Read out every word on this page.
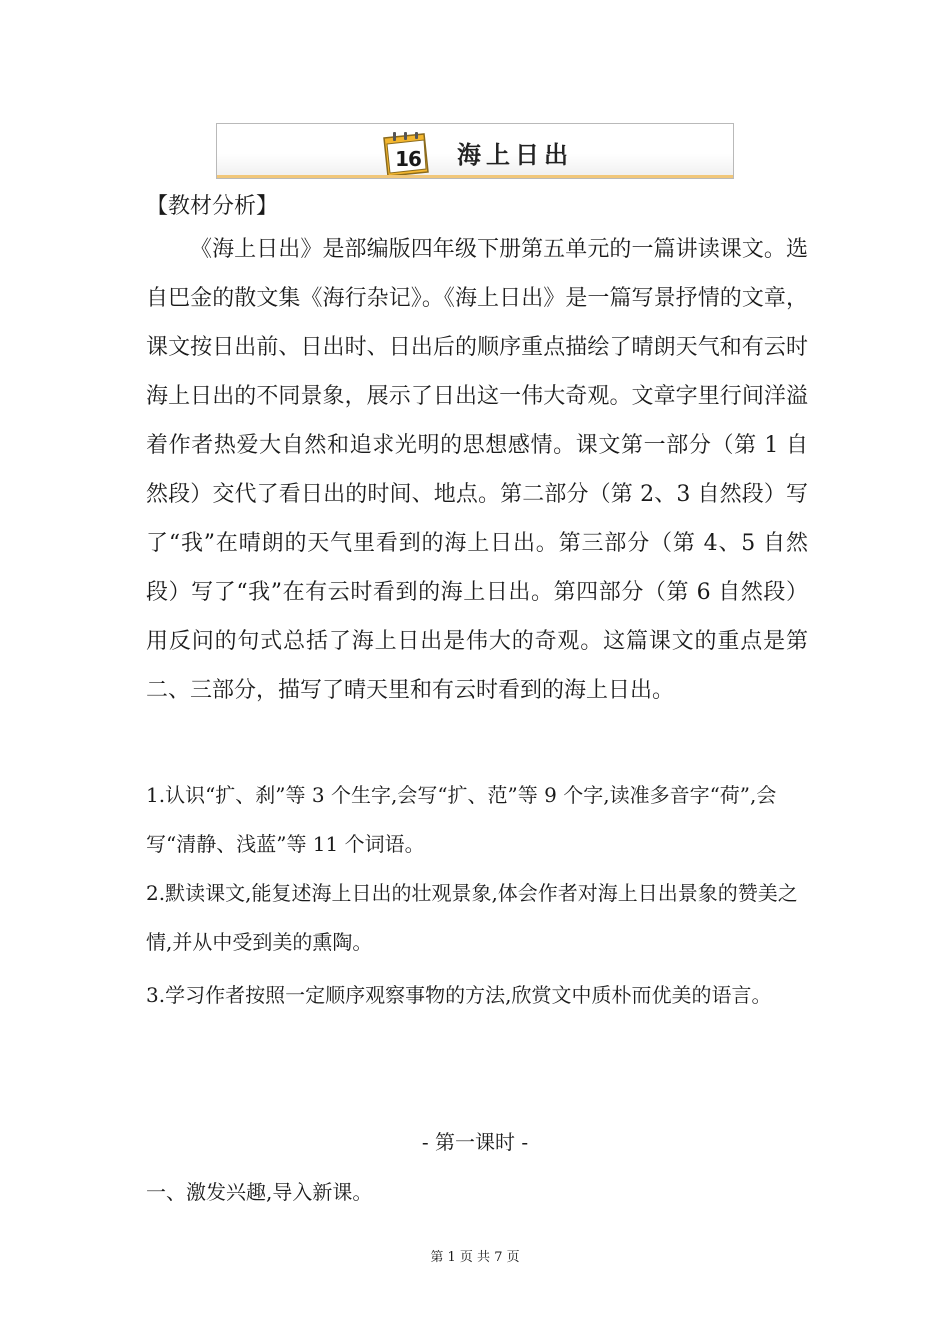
16 海上日出
【教材分析】
《海上日出》是部编版四年级下册第五单元的一篇讲读课文。选自巴金的散文集《海行杂记》。《海上日出》是一篇写景抒情的文章，课文按日出前、日出时、日出后的顺序重点描绘了晴朗天气和有云时海上日出的不同景象，展示了日出这一伟大奇观。文章字里行间洋溢着作者热爱大自然和追求光明的思想感情。课文第一部分（第 1 自然段）交代了看日出的时间、地点。第二部分（第 2、3 自然段）写了“我”在晴朗的天气里看到的海上日出。第三部分（第 4、5 自然段）写了“我”在有云时看到的海上日出。第四部分（第 6 自然段）用反问的句式总括了海上日出是伟大的奇观。这篇课文的重点是第二、三部分，描写了晴天里和有云时看到的海上日出。
1.认识“扩、刹”等 3 个生字,会写“扩、范”等 9 个字,读准多音字“荷”,会写“清静、浅蓝”等 11 个词语。
2.默读课文,能复述海上日出的壮观景象,体会作者对海上日出景象的赞美之情,并从中受到美的熏陶。
3.学习作者按照一定顺序观察事物的方法,欣赏文中质朴而优美的语言。
- 第一课时 -
一、激发兴趣,导入新课。
第 1 页 共 7 页
